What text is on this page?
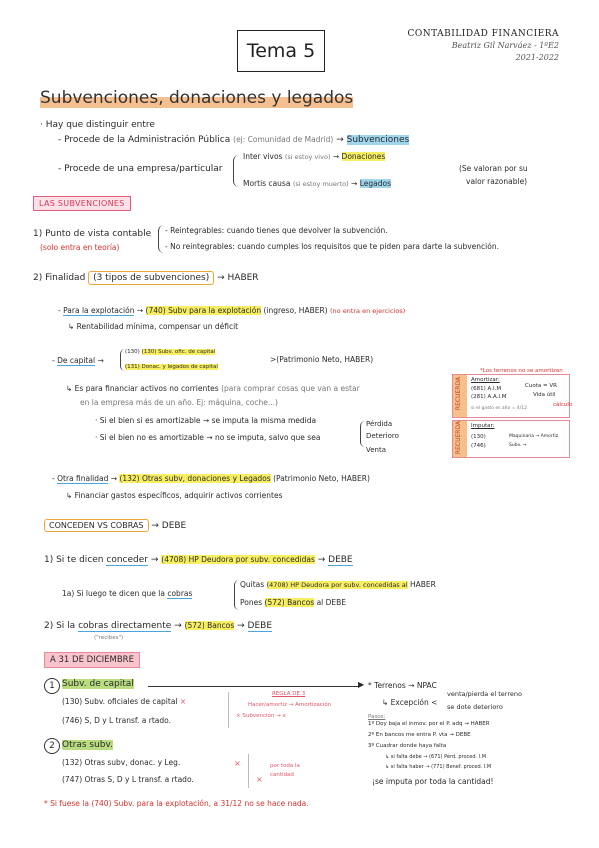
Tema 5
CONTABILIDAD FINANCIERA
Beatriz Gil Narváez - 1ºE2
2021-2022
Subvenciones, donaciones y legados
· Hay que distinguir entre
- Procede de la Administración Pública (ej: Comunidad de Madrid) → Subvenciones
- Procede de una empresa/particular
Inter vivos (si estoy vivo) → Donaciones
Mortis causa (si estoy muerto) → Legados
(Se valoran por su
valor razonable)
LAS SUBVENCIONES
1) Punto de vista contable
(solo entra en teoría)
- Reintegrables: cuando tienes que devolver la subvención.
- No reintegrables: cuando cumples los requisitos que te piden para darte la subvención.
2) Finalidad (3 tipos de subvenciones) → HABER
- Para la explotación → (740) Subv para la explotación (ingreso, HABER) (no entra en ejercicios)
↳ Rentabilidad mínima, compensar un déficit
- De capital →
(130) (130) Subv. ofic. de capital
(131) Donac. y legados de capital
>(Patrimonio Neto, HABER)
↳ Es para financiar activos no corrientes (para comprar cosas que van a estar
en la empresa más de un año. Ej: máquina, coche...)
· Si el bien si es amortizable → se imputa la misma medida
· Si el bien no es amortizable → no se imputa, salvo que sea
Pérdida
Deterioro
Venta
*Los terrenos no se amortizan
RECUERDA Amortizar:
(681) A.I.M
(281) A.A.I.M
Cuota = VR
Vida útil
cálculo
si el gasto es año = 4/12
RECUERDA Imputar:
(130)
(746)
Maquinaria → Amortiz.
Subv. →
- Otra finalidad → (132) Otras subv, donaciones y Legados (Patrimonio Neto, HABER)
↳ Financiar gastos específicos, adquirir activos corrientes
CONCEDEN VS COBRAS → DEBE
1) Si te dicen conceder → (4708) HP Deudora por subv. concedidas → DEBE
1a) Si luego te dicen que la cobras
Quitas (4708) HP Deudora por subv. concedidas al HABER
Pones (572) Bancos al DEBE
2) Si la cobras directamente → (572) Bancos → DEBE
("recibes")
A 31 DE DICIEMBRE
1 Subv. de capital	▶
(130) Subv. oficiales de capital ×
(746) S, D y L transf. a rtado.
REGLA DE 3
Hacer/amortiz → Amortización
× Subvención → x
2 Otras subv.
(132) Otras subv, donac. y Leg.
(747) Otras S, D y L transf. a rtado.
×
×
por toda la cantidad
* Terrenos → NPAC
venta/pierda el terreno
↳ Excepción < se dote deterioro
Pasos:
1º Doy baja el inmov. por el P. adq → HABER
2º En bancos me entra P. vta → DEBE
3º Cuadrar donde haya falta
↳ si falta debe → (671) Pérd. proced. I.M
↳ si falta haber → (771) Benef. proced. I.M
¡se imputa por toda la cantidad!
* Si fuese la (740) Subv. para la explotación, a 31/12 no se hace nada.
